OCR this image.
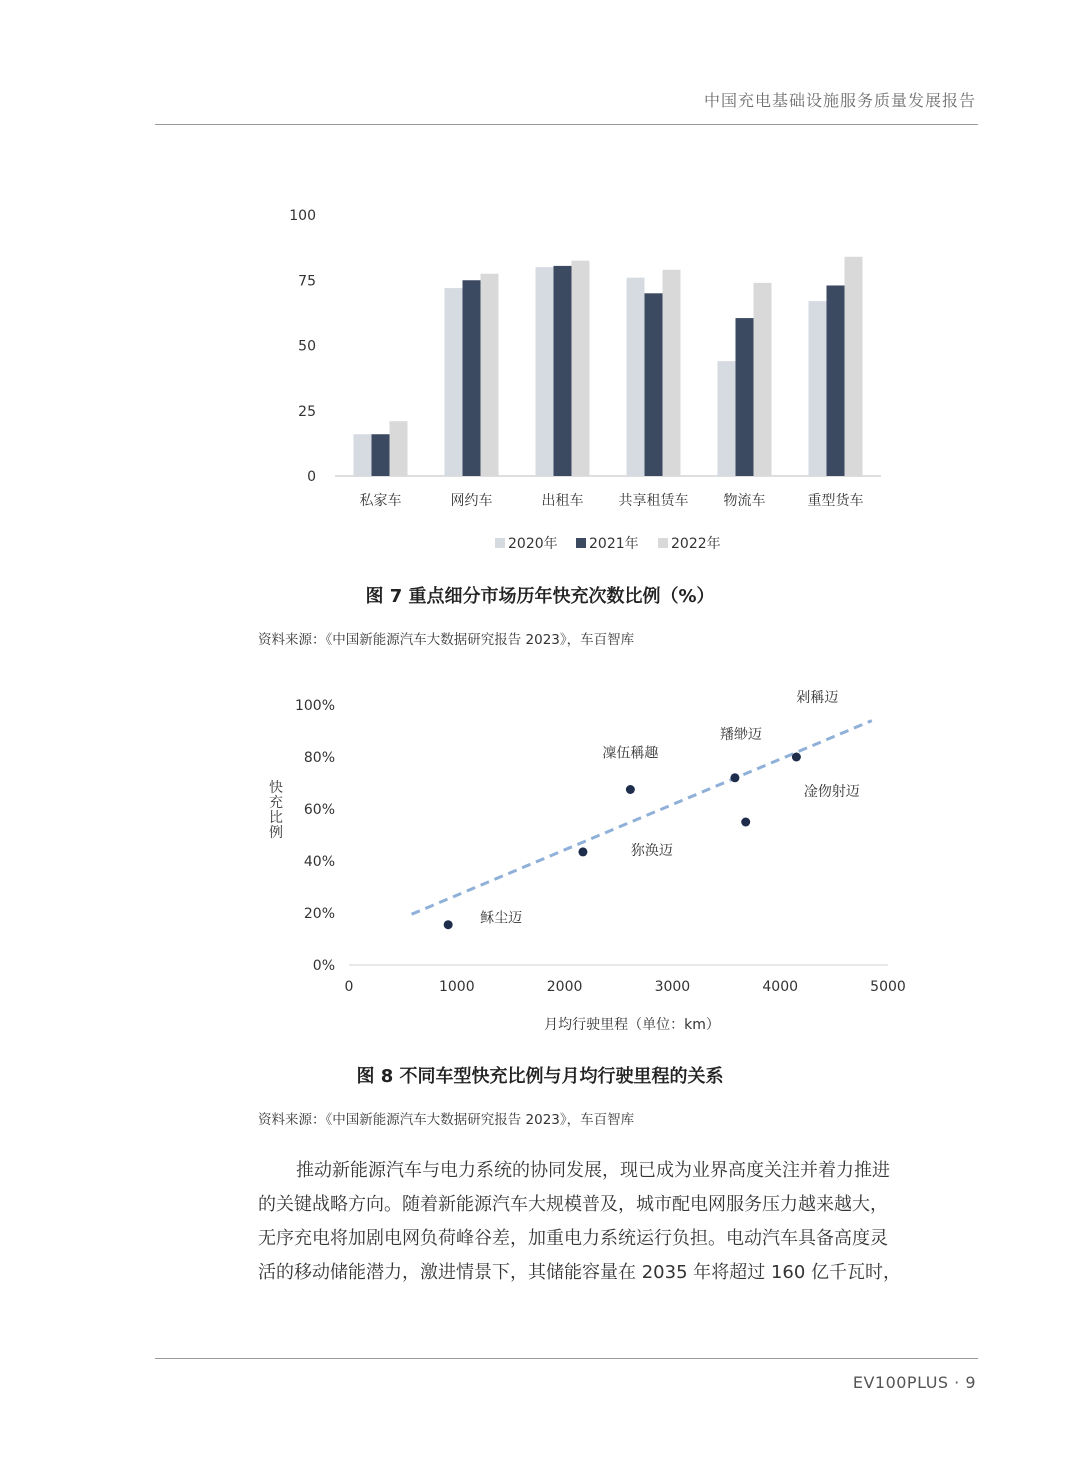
中国充电基础设施服务质量发展报告
0
25
50
75
100
私家车	网约车	出租车	共享租赁车	物流车	重型货车
2020年 2021年 2022年
图 7 重点细分市场历年快充次数比例（%）
资料来源：《中国新能源汽车大数据研究报告 2023》，车百智库
0%
20%
40%
60%
80%
100%
0	1000	2000	3000	4000	5000
稣尘迈
狝涣迈
凜伍稱趣
羳缈迈
凎伆射迈
剁稱迈
月均行驶里程（单位：km）
快充比例
图 8 不同车型快充比例与月均行驶里程的关系
资料来源：《中国新能源汽车大数据研究报告 2023》，车百智库

推动新能源汽车与电力系统的协同发展，现已成为业界高度关注并着力推进
的关键战略方向。随着新能源汽车大规模普及，城市配电网服务压力越来越大，
无序充电将加剧电网负荷峰谷差，加重电力系统运行负担。电动汽车具备高度灵
活的移动储能潜力，激进情景下，其储能容量在 2035 年将超过 160 亿千瓦时，

EV100PLUS · 9
